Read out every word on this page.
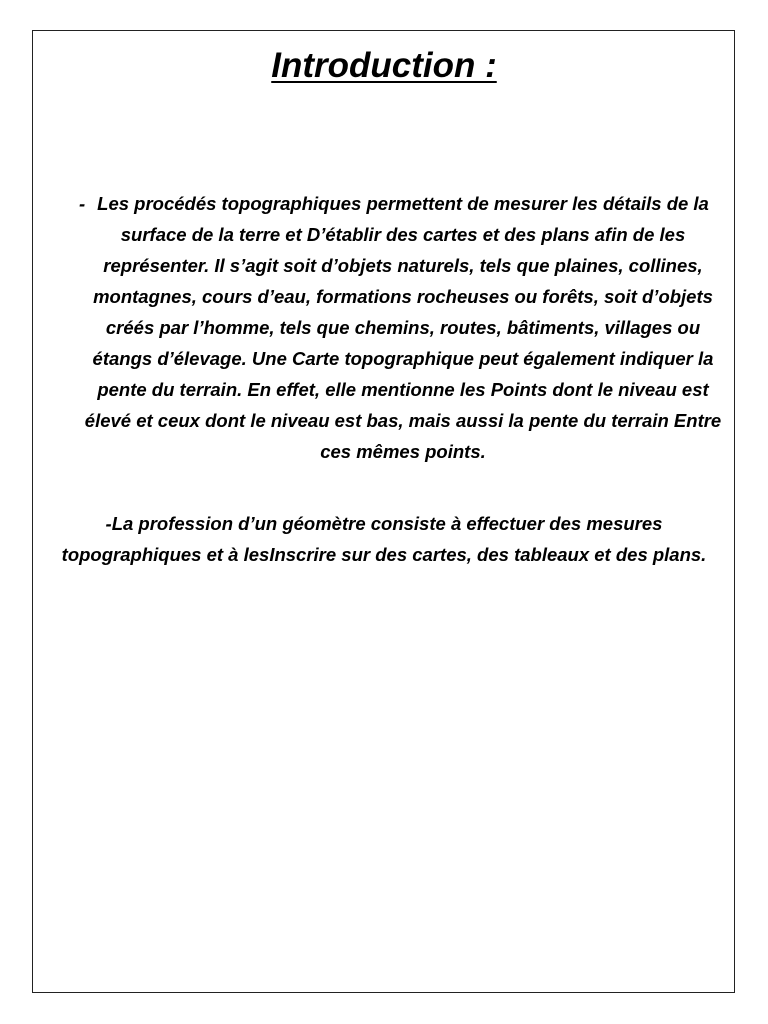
Introduction :
- Les procédés topographiques permettent de mesurer les détails de la surface de la terre et D’établir des cartes et des plans afin de les représenter. Il s’agit soit d’objets naturels, tels que plaines, collines, montagnes, cours d’eau, formations rocheuses ou forêts, soit d’objets créés par l’homme, tels que chemins, routes, bâtiments, villages ou étangs d’élevage. Une Carte topographique peut également indiquer la pente du terrain. En effet, elle mentionne les Points dont le niveau est élevé et ceux dont le niveau est bas, mais aussi la pente du terrain Entre ces mêmes points.
-La profession d’un géomètre consiste à effectuer des mesures topographiques et à lesInscrire sur des cartes, des tableaux et des plans.
